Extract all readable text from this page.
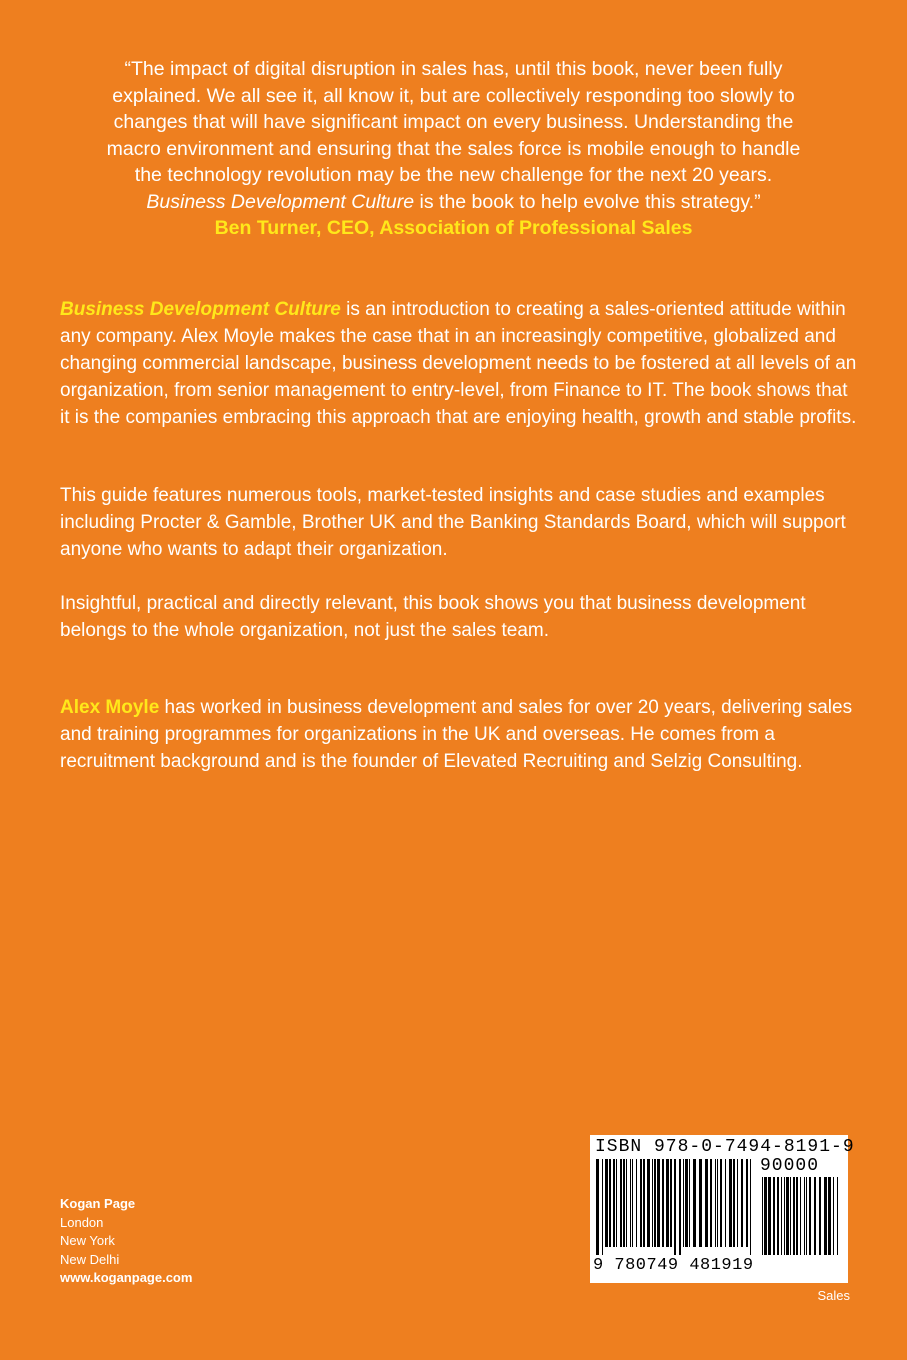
“The impact of digital disruption in sales has, until this book, never been fully
explained. We all see it, all know it, but are collectively responding too slowly to
changes that will have significant impact on every business. Understanding the
macro environment and ensuring that the sales force is mobile enough to handle
the technology revolution may be the new challenge for the next 20 years.
Business Development Culture is the book to help evolve this strategy.”
Ben Turner, CEO, Association of Professional Sales
Business Development Culture is an introduction to creating a sales-oriented attitude within any company. Alex Moyle makes the case that in an increasingly competitive, globalized and changing commercial landscape, business development needs to be fostered at all levels of an organization, from senior management to entry-level, from Finance to IT. The book shows that it is the companies embracing this approach that are enjoying health, growth and stable profits.
This guide features numerous tools, market-tested insights and case studies and examples including Procter & Gamble, Brother UK and the Banking Standards Board, which will support anyone who wants to adapt their organization.
Insightful, practical and directly relevant, this book shows you that business development belongs to the whole organization, not just the sales team.
Alex Moyle has worked in business development and sales for over 20 years, delivering sales and training programmes for organizations in the UK and overseas. He comes from a recruitment background and is the founder of Elevated Recruiting and Selzig Consulting.
Kogan Page
London
New York
New Delhi
www.koganpage.com
ISBN 978-0-7494-8191-9
90000
9 780749 481919
Sales
